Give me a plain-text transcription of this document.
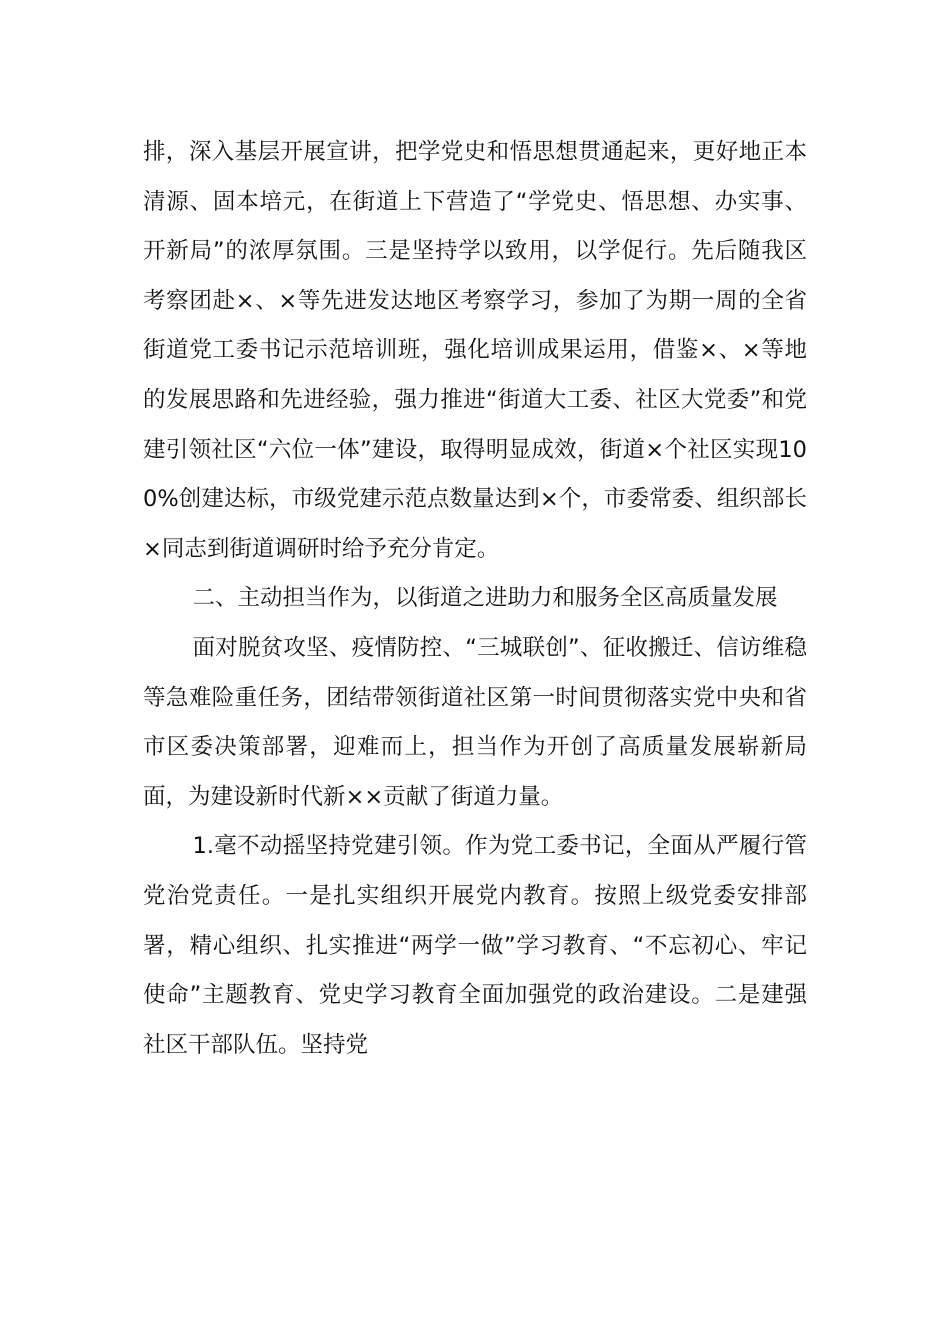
排，深入基层开展宣讲，把学党史和悟思想贯通起来，更好地正本清源、固本培元，在街道上下营造了“学党史、悟思想、办实事、开新局”的浓厚氛围。三是坚持学以致用，以学促行。先后随我区考察团赴×、×等先进发达地区考察学习，参加了为期一周的全省街道党工委书记示范培训班，强化培训成果运用，借鉴×、×等地的发展思路和先进经验，强力推进“街道大工委、社区大党委”和党建引领社区“六位一体”建设，取得明显成效，街道×个社区实现100%创建达标，市级党建示范点数量达到×个，市委常委、组织部长×同志到街道调研时给予充分肯定。

二、主动担当作为，以街道之进助力和服务全区高质量发展

面对脱贫攻坚、疫情防控、“三城联创”、征收搬迁、信访维稳等急难险重任务，团结带领街道社区第一时间贯彻落实党中央和省市区委决策部署，迎难而上，担当作为开创了高质量发展崭新局面，为建设新时代新××贡献了街道力量。

1.毫不动摇坚持党建引领。作为党工委书记，全面从严履行管党治党责任。一是扎实组织开展党内教育。按照上级党委安排部署，精心组织、扎实推进“两学一做”学习教育、“不忘初心、牢记使命”主题教育、党史学习教育全面加强党的政治建设。二是建强社区干部队伍。坚持党
